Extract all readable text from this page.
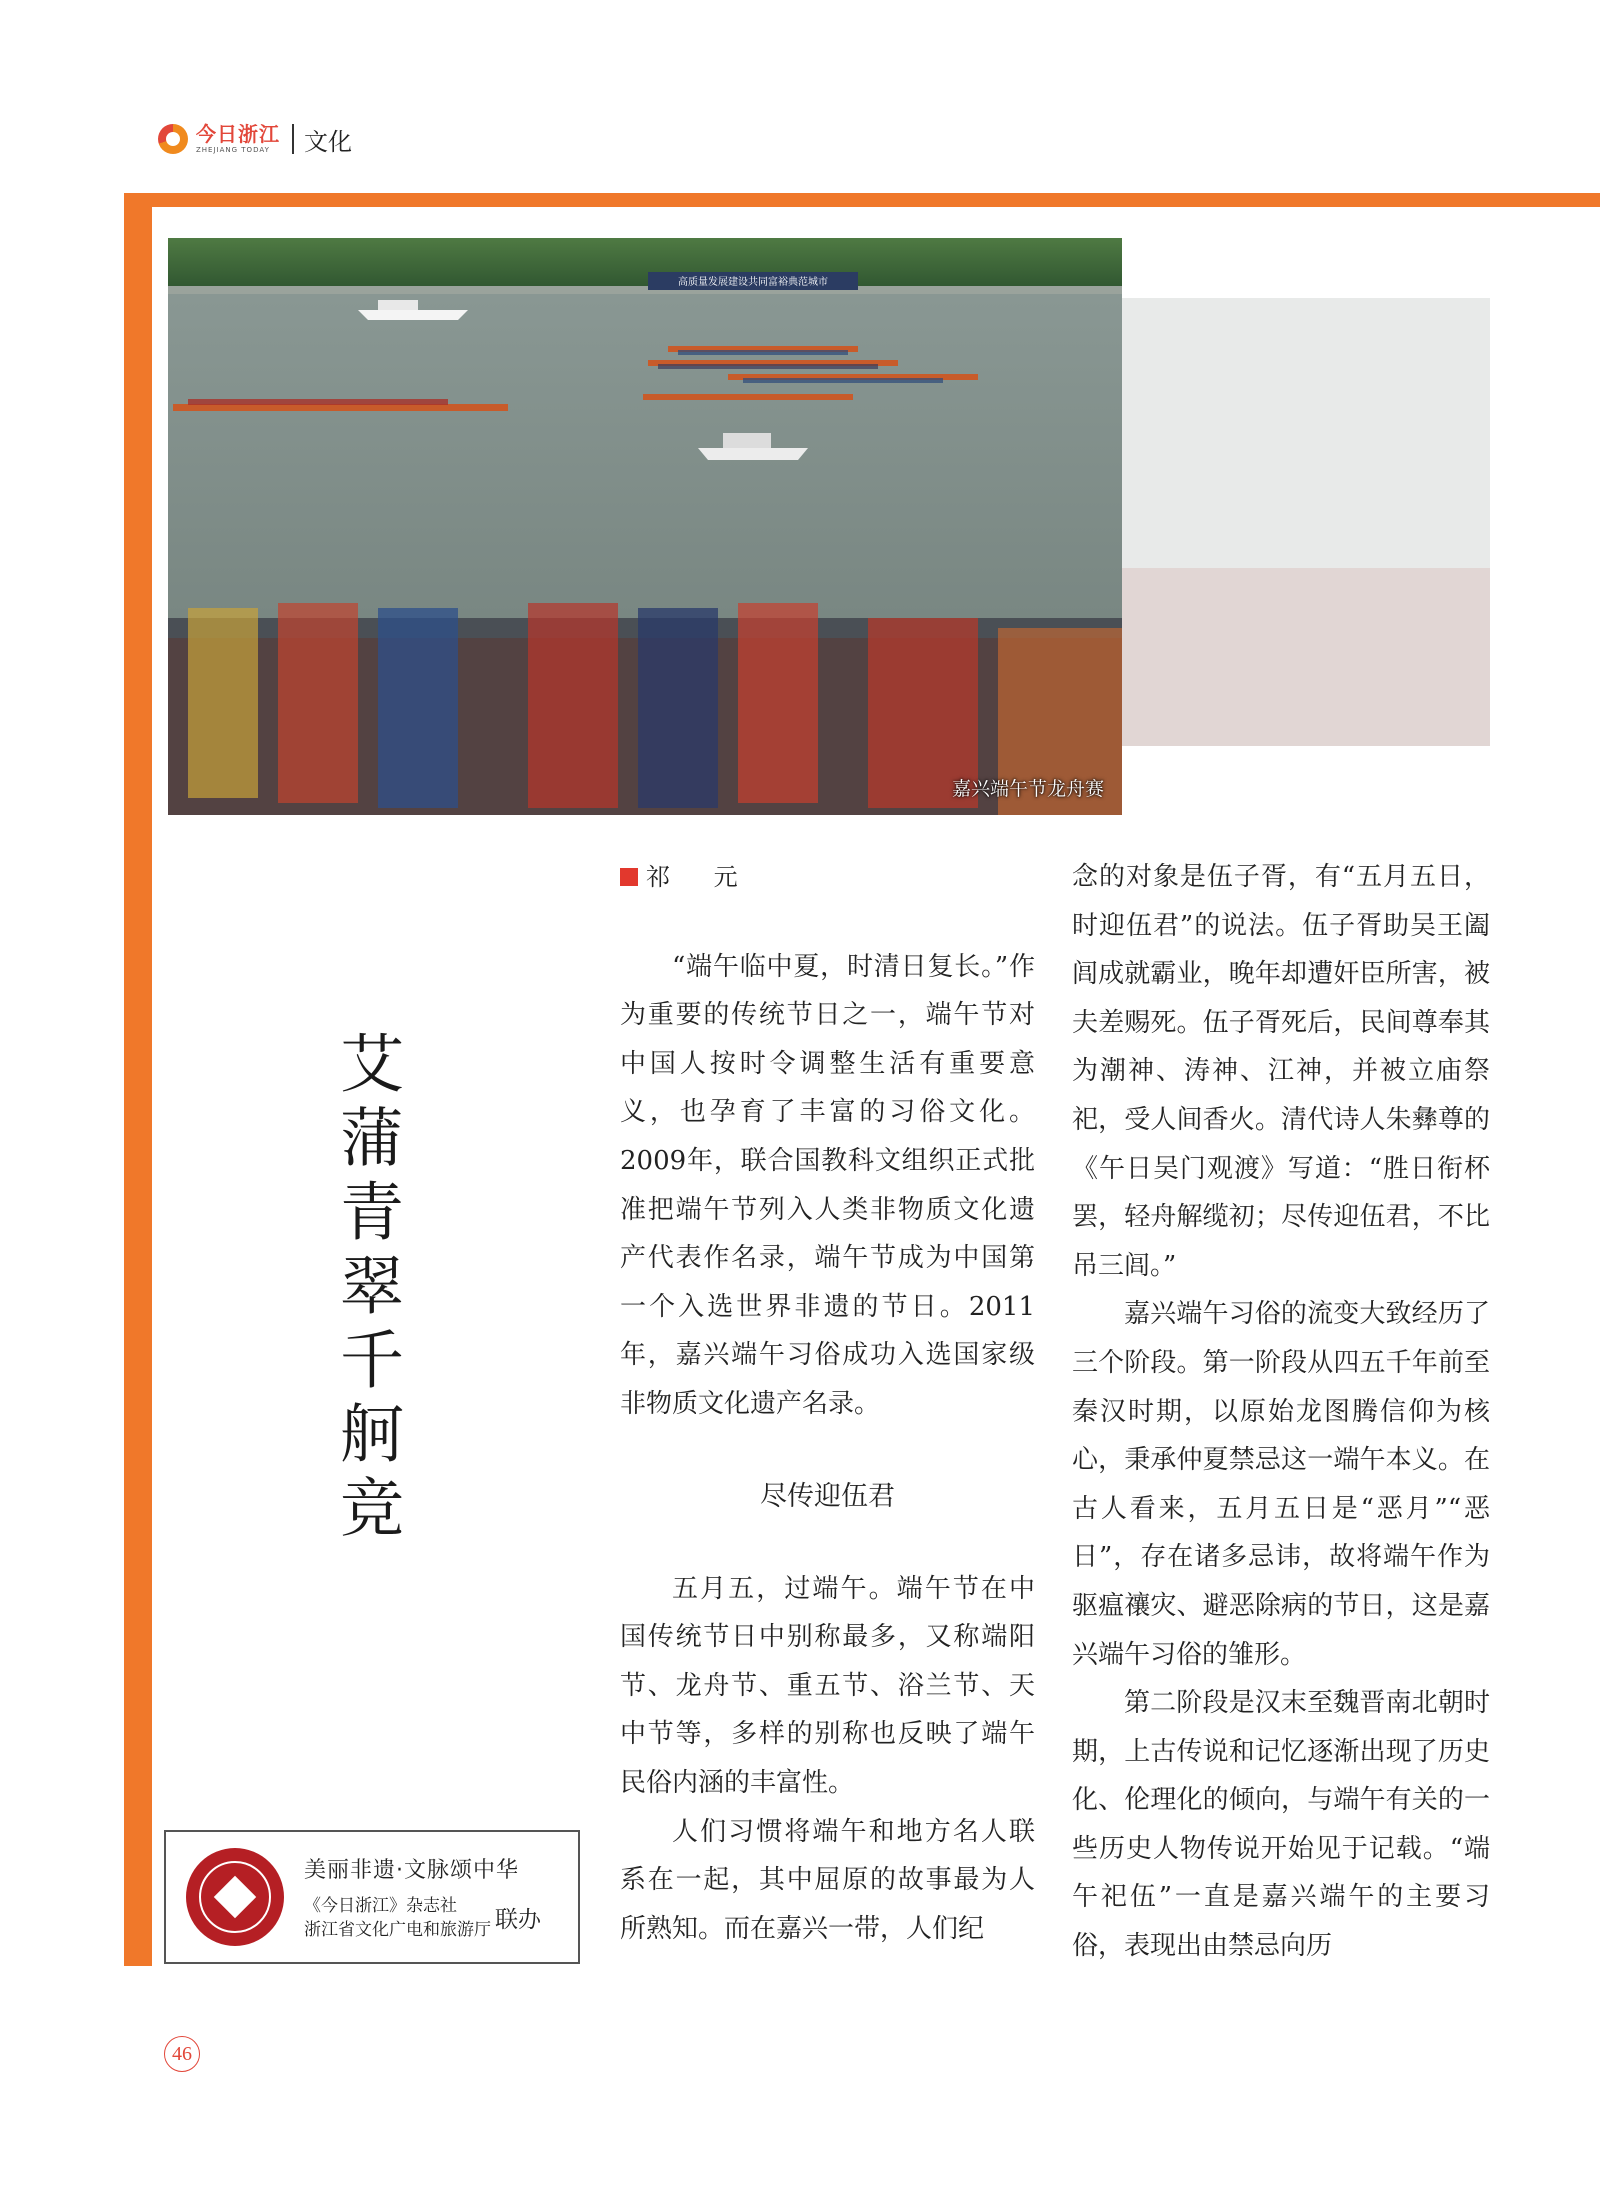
今日浙江
ZHEJIANG TODAY	文化
高质量发展建设共同富裕典范城市
嘉兴端午节龙舟赛
艾蒲青翠千舸竞
祁 元

“端午临中夏，时清日复长。”作为重要的传统节日之一，端午节对中国人按时令调整生活有重要意义，也孕育了丰富的习俗文化。2009年，联合国教科文组织正式批准把端午节列入人类非物质文化遗产代表作名录，端午节成为中国第一个入选世界非遗的节日。2011年，嘉兴端午习俗成功入选国家级非物质文化遗产名录。

尽传迎伍君

五月五，过端午。端午节在中国传统节日中别称最多，又称端阳节、龙舟节、重五节、浴兰节、天中节等，多样的别称也反映了端午民俗内涵的丰富性。

人们习惯将端午和地方名人联系在一起，其中屈原的故事最为人所熟知。而在嘉兴一带，人们纪

念的对象是伍子胥，有“五月五日，时迎伍君”的说法。伍子胥助吴王阖闾成就霸业，晚年却遭奸臣所害，被夫差赐死。伍子胥死后，民间尊奉其为潮神、涛神、江神，并被立庙祭祀，受人间香火。清代诗人朱彝尊的《午日吴门观渡》写道：“胜日衔杯罢，轻舟解缆初；尽传迎伍君，不比吊三闾。”

嘉兴端午习俗的流变大致经历了三个阶段。第一阶段从四五千年前至秦汉时期，以原始龙图腾信仰为核心，秉承仲夏禁忌这一端午本义。在古人看来，五月五日是“恶月”“恶日”，存在诸多忌讳，故将端午作为驱瘟禳灾、避恶除病的节日，这是嘉兴端午习俗的雏形。

第二阶段是汉末至魏晋南北朝时期，上古传说和记忆逐渐出现了历史化、伦理化的倾向，与端午有关的一些历史人物传说开始见于记载。“端午祀伍”一直是嘉兴端午的主要习俗，表现出由禁忌向历

美丽非遗·文脉颂中华
《今日浙江》杂志社
浙江省文化广电和旅游厅 联办
46
